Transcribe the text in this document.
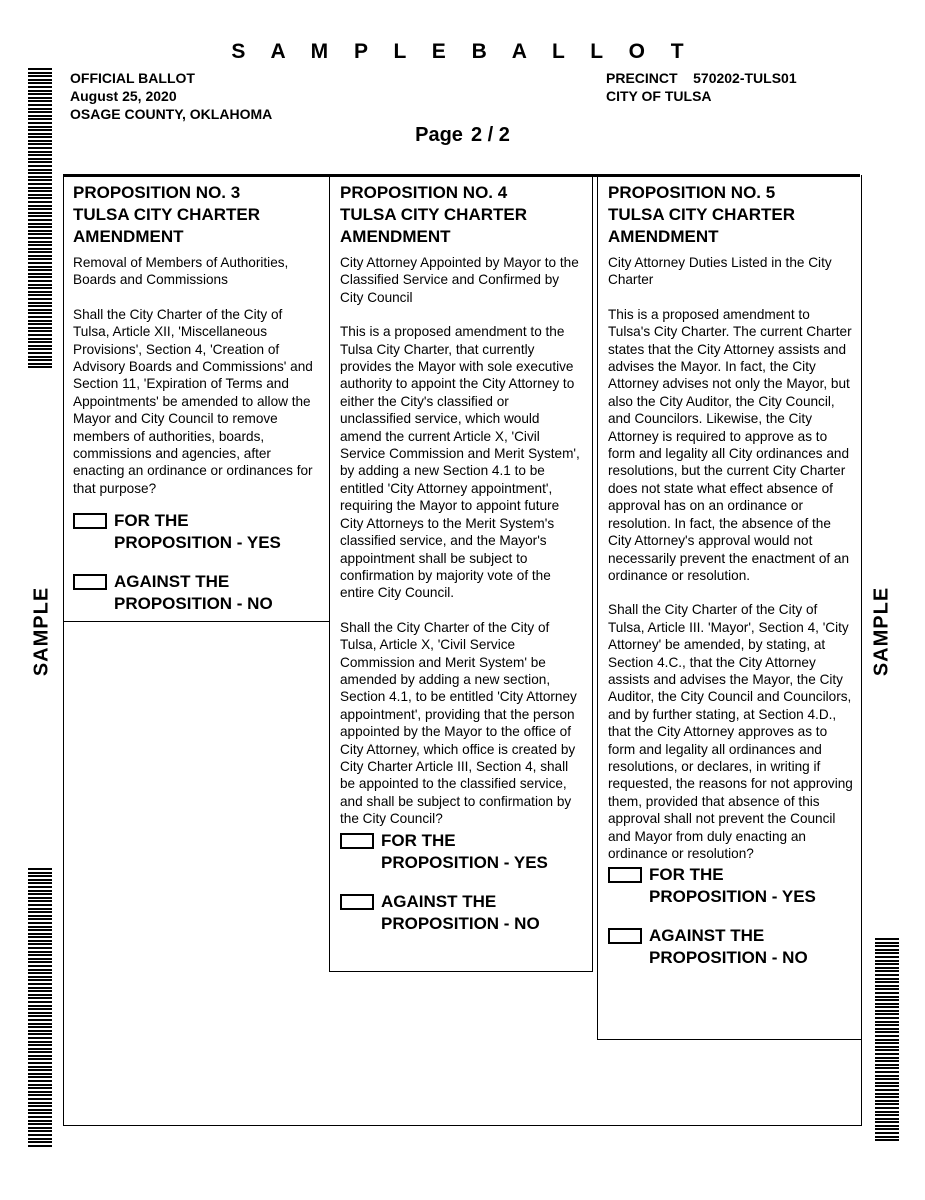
S A M P L E B A L L O T
OFFICIAL BALLOT
August 25, 2020
OSAGE COUNTY, OKLAHOMA
PRECINCT    570202-TULS01
CITY OF TULSA
Page 2 / 2
SAMPLE	SAMPLE
PROPOSITION NO. 3
TULSA CITY CHARTER
AMENDMENT
Removal of Members of Authorities, Boards and Commissions
Shall the City Charter of the City of Tulsa, Article XII, 'Miscellaneous Provisions', Section 4, 'Creation of Advisory Boards and Commissions' and Section 11, 'Expiration of Terms and Appointments' be amended to allow the Mayor and City Council to remove members of authorities, boards, commissions and agencies, after enacting an ordinance or ordinances for that purpose?
FOR THE
PROPOSITION - YES
AGAINST THE
PROPOSITION - NO
PROPOSITION NO. 4
TULSA CITY CHARTER
AMENDMENT
City Attorney Appointed by Mayor to the Classified Service and Confirmed by City Council
This is a proposed amendment to the Tulsa City Charter, that currently provides the Mayor with sole executive authority to appoint the City Attorney to either the City's classified or unclassified service, which would amend the current Article X, 'Civil Service Commission and Merit System', by adding a new Section 4.1 to be entitled 'City Attorney appointment', requiring the Mayor to appoint future City Attorneys to the Merit System's classified service, and the Mayor's appointment shall be subject to confirmation by majority vote of the entire City Council.
Shall the City Charter of the City of Tulsa, Article X, 'Civil Service Commission and Merit System' be amended by adding a new section, Section 4.1, to be entitled 'City Attorney appointment', providing that the person appointed by the Mayor to the office of City Attorney, which office is created by City Charter Article III, Section 4, shall be appointed to the classified service, and shall be subject to confirmation by the City Council?
FOR THE
PROPOSITION - YES
AGAINST THE
PROPOSITION - NO
PROPOSITION NO. 5
TULSA CITY CHARTER
AMENDMENT
City Attorney Duties Listed in the City Charter
This is a proposed amendment to Tulsa's City Charter. The current Charter states that the City Attorney assists and advises the Mayor. In fact, the City Attorney advises not only the Mayor, but also the City Auditor, the City Council, and Councilors. Likewise, the City Attorney is required to approve as to form and legality all City ordinances and resolutions, but the current City Charter does not state what effect absence of approval has on an ordinance or resolution. In fact, the absence of the City Attorney's approval would not necessarily prevent the enactment of an ordinance or resolution.
Shall the City Charter of the City of Tulsa, Article III. 'Mayor', Section 4, 'City Attorney' be amended, by stating, at Section 4.C., that the City Attorney assists and advises the Mayor, the City Auditor, the City Council and Councilors, and by further stating, at Section 4.D., that the City Attorney approves as to form and legality all ordinances and resolutions, or declares, in writing if requested, the reasons for not approving them, provided that absence of this approval shall not prevent the Council and Mayor from duly enacting an ordinance or resolution?
FOR THE
PROPOSITION - YES
AGAINST THE
PROPOSITION - NO
